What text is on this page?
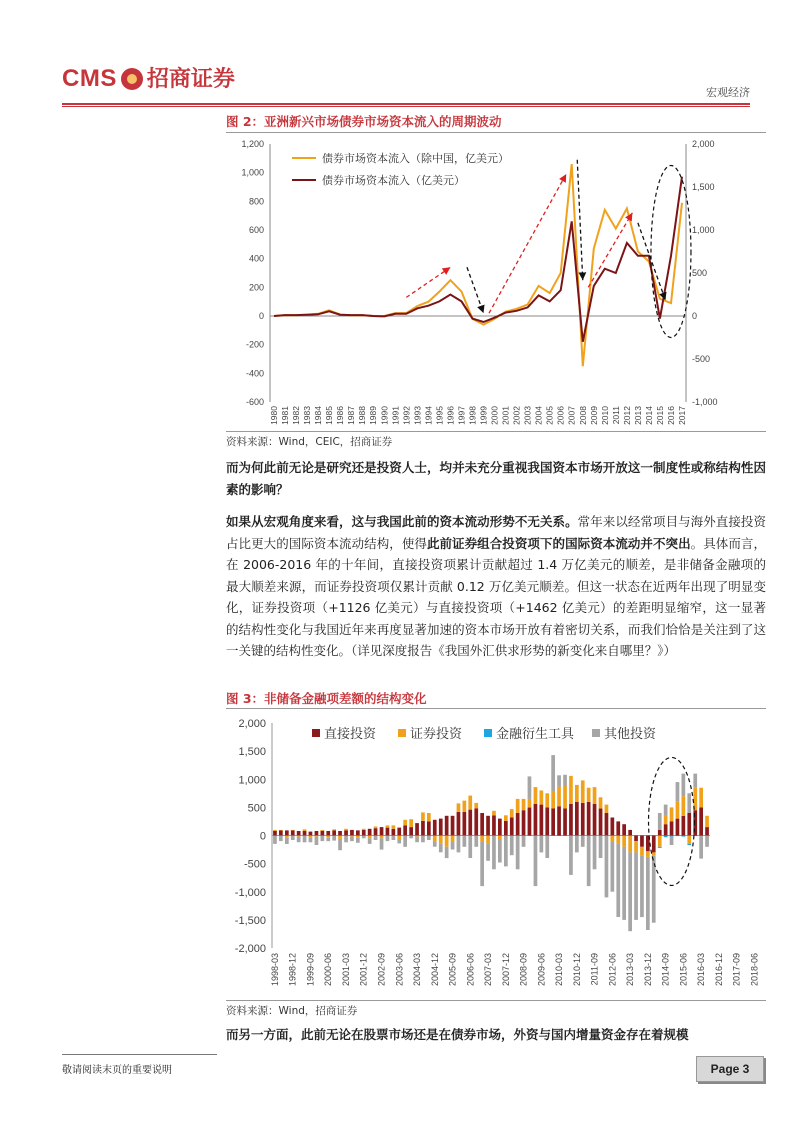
CMS 招商证券
宏观经济
图 2：亚洲新兴市场债券市场资本流入的周期波动
-600
-400
-200
0
200
400
600
800
1,000
1,200
-1,000
-500
0
500
1,000
1,500
2,000
1980 1981 1982 1983 1984 1985 1986 1987 1988 1989 1990 1991 1992 1993 1994 1995 1996 1997 1998 1999 2000 2001 2002 2003 2004 2005 2006 2007 2008 2009 2010 2011 2012 2013 2014 2015 2016 2017
债券市场资本流入（除中国，亿美元）
债券市场资本流入（亿美元）
资料来源：Wind，CEIC，招商证券
而为何此前无论是研究还是投资人士，均并未充分重视我国资本市场开放这一制度性或称结构性因素的影响？
如果从宏观角度来看，这与我国此前的资本流动形势不无关系。常年来以经常项目与海外直接投资占比更大的国际资本流动结构，使得此前证券组合投资项下的国际资本流动并不突出。具体而言，在 2006-2016 年的十年间，直接投资项累计贡献超过 1.4 万亿美元的顺差，是非储备金融项的最大顺差来源，而证券投资项仅累计贡献 0.12 万亿美元顺差。但这一状态在近两年出现了明显变化，证券投资项（+1126 亿美元）与直接投资项（+1462 亿美元）的差距明显缩窄，这一显著的结构性变化与我国近年来再度显著加速的资本市场开放有着密切关系，而我们恰恰是关注到了这一关键的结构性变化。（详见深度报告《我国外汇供求形势的新变化来自哪里？》）
图 3：非储备金融项差额的结构变化
-2,000
-1,500
-1,000
-500
0
500
1,000
1,500
2,000
1998-03 1998-12 1999-09 2000-06 2001-03 2001-12 2002-09 2003-06 2004-03 2004-12 2005-09 2006-06 2007-03 2007-12 2008-09 2009-06 2010-03 2010-12 2011-09 2012-06 2013-03 2013-12 2014-09 2015-06 2016-03 2016-12 2017-09 2018-06
直接投资	证券投资	金融衍生工具 其他投资
资料来源：Wind，招商证券
而另一方面，此前无论在股票市场还是在债券市场，外资与国内增量资金存在着规模
敬请阅读末页的重要说明	Page 3
